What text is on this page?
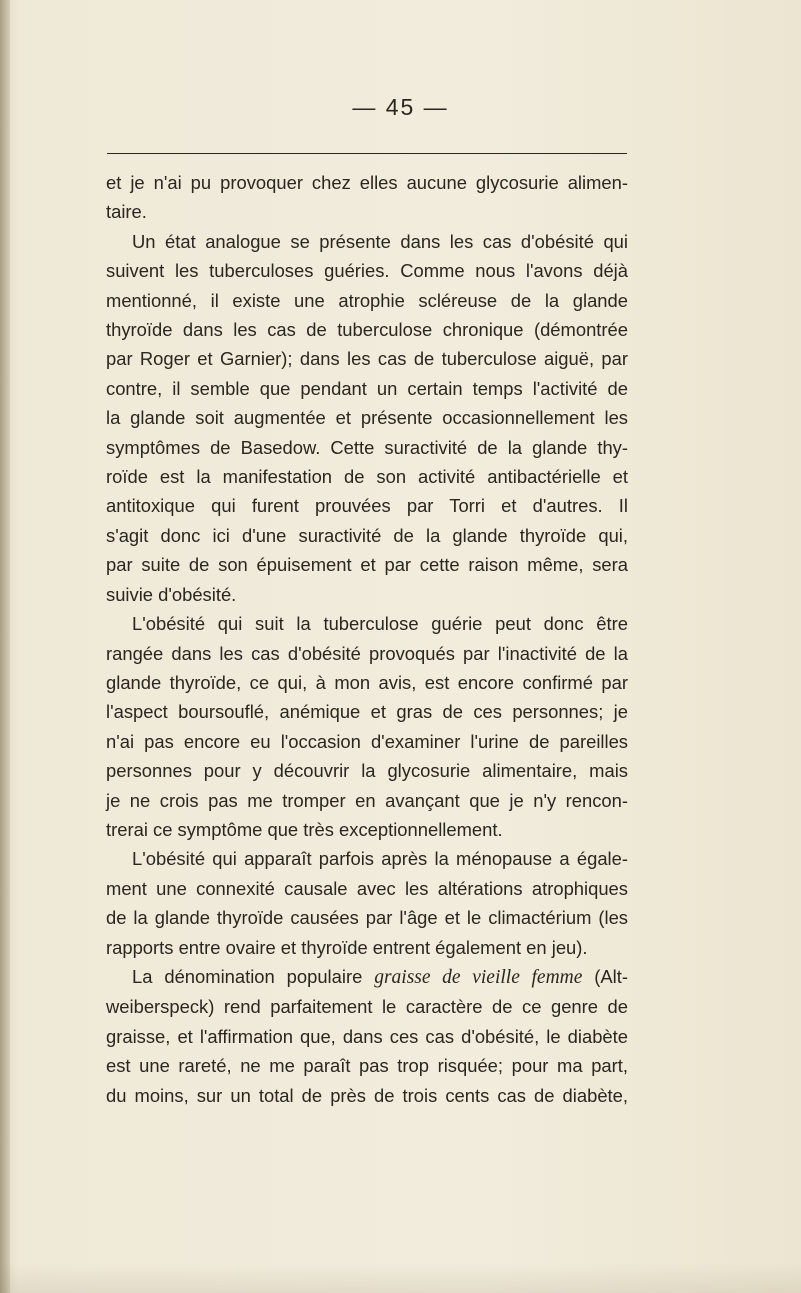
— 45 —

et je n'ai pu provoquer chez elles aucune glycosurie alimen-

taire.

Un état analogue se présente dans les cas d'obésité qui

suivent les tuberculoses guéries. Comme nous l'avons déjà

mentionné, il existe une atrophie scléreuse de la glande

thyroïde dans les cas de tuberculose chronique (démontrée

par Roger et Garnier); dans les cas de tuberculose aiguë, par

contre, il semble que pendant un certain temps l'activité de

la glande soit augmentée et présente occasionnellement les

symptômes de Basedow. Cette suractivité de la glande thy-

roïde est la manifestation de son activité antibactérielle et

antitoxique qui furent prouvées par Torri et d'autres. Il

s'agit donc ici d'une suractivité de la glande thyroïde qui,

par suite de son épuisement et par cette raison même, sera

suivie d'obésité.

L'obésité qui suit la tuberculose guérie peut donc être

rangée dans les cas d'obésité provoqués par l'inactivité de la

glande thyroïde, ce qui, à mon avis, est encore confirmé par

l'aspect boursouflé, anémique et gras de ces personnes; je

n'ai pas encore eu l'occasion d'examiner l'urine de pareilles

personnes pour y découvrir la glycosurie alimentaire, mais

je ne crois pas me tromper en avançant que je n'y rencon-

trerai ce symptôme que très exceptionnellement.

L'obésité qui apparaît parfois après la ménopause a égale-

ment une connexité causale avec les altérations atrophiques

de la glande thyroïde causées par l'âge et le climactérium (les

rapports entre ovaire et thyroïde entrent également en jeu).

La dénomination populaire graisse de vieille femme (Alt-

weiberspeck) rend parfaitement le caractère de ce genre de

graisse, et l'affirmation que, dans ces cas d'obésité, le diabète

est une rareté, ne me paraît pas trop risquée; pour ma part,

du moins, sur un total de près de trois cents cas de diabète,
